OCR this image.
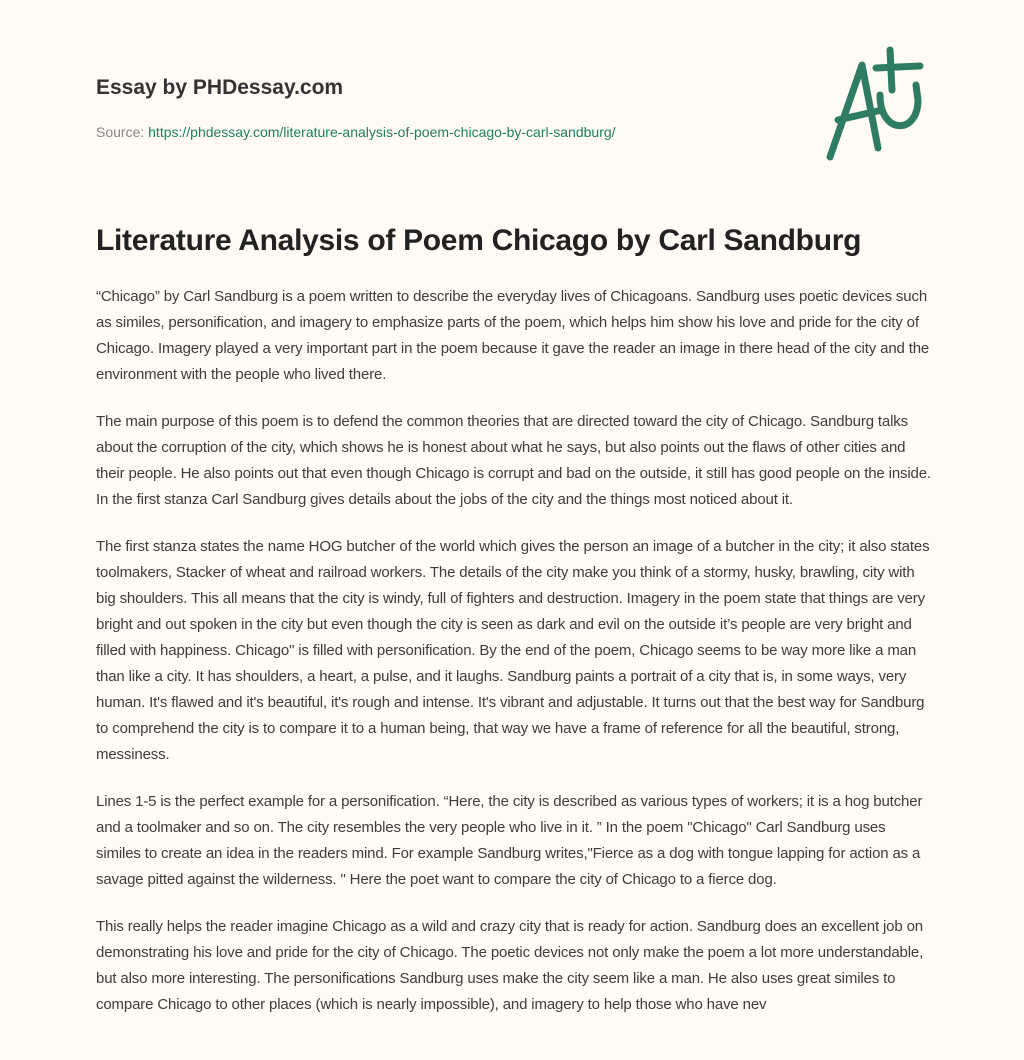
Essay by PHDessay.com
Source: https://phdessay.com/literature-analysis-of-poem-chicago-by-carl-sandburg/
Literature Analysis of Poem Chicago by Carl Sandburg

“Chicago” by Carl Sandburg is a poem written to describe the everyday lives of Chicagoans. Sandburg uses poetic devices such as similes, personification, and imagery to emphasize parts of the poem, which helps him show his love and pride for the city of Chicago. Imagery played a very important part in the poem because it gave the reader an image in there head of the city and the environment with the people who lived there.

The main purpose of this poem is to defend the common theories that are directed toward the city of Chicago. Sandburg talks about the corruption of the city, which shows he is honest about what he says, but also points out the flaws of other cities and their people. He also points out that even though Chicago is corrupt and bad on the outside, it still has good people on the inside. In the first stanza Carl Sandburg gives details about the jobs of the city and the things most noticed about it.

The first stanza states the name HOG butcher of the world which gives the person an image of a butcher in the city; it also states toolmakers, Stacker of wheat and railroad workers. The details of the city make you think of a stormy, husky, brawling, city with big shoulders. This all means that the city is windy, full of fighters and destruction. Imagery in the poem state that things are very bright and out spoken in the city but even though the city is seen as dark and evil on the outside it’s people are very bright and filled with happiness. Chicago" is filled with personification. By the end of the poem, Chicago seems to be way more like a man than like a city. It has shoulders, a heart, a pulse, and it laughs. Sandburg paints a portrait of a city that is, in some ways, very human. It's flawed and it's beautiful, it's rough and intense. It's vibrant and adjustable. It turns out that the best way for Sandburg to comprehend the city is to compare it to a human being, that way we have a frame of reference for all the beautiful, strong, messiness.

Lines 1-5 is the perfect example for a personification. “Here, the city is described as various types of workers; it is a hog butcher and a toolmaker and so on. The city resembles the very people who live in it. ” In the poem "Chicago" Carl Sandburg uses similes to create an idea in the readers mind. For example Sandburg writes,"Fierce as a dog with tongue lapping for action as a savage pitted against the wilderness. " Here the poet want to compare the city of Chicago to a fierce dog.

This really helps the reader imagine Chicago as a wild and crazy city that is ready for action. Sandburg does an excellent job on demonstrating his love and pride for the city of Chicago. The poetic devices not only make the poem a lot more understandable, but also more interesting. The personifications Sandburg uses make the city seem like a man. He also uses great similes to compare Chicago to other places (which is nearly impossible), and imagery to help those who have nev
